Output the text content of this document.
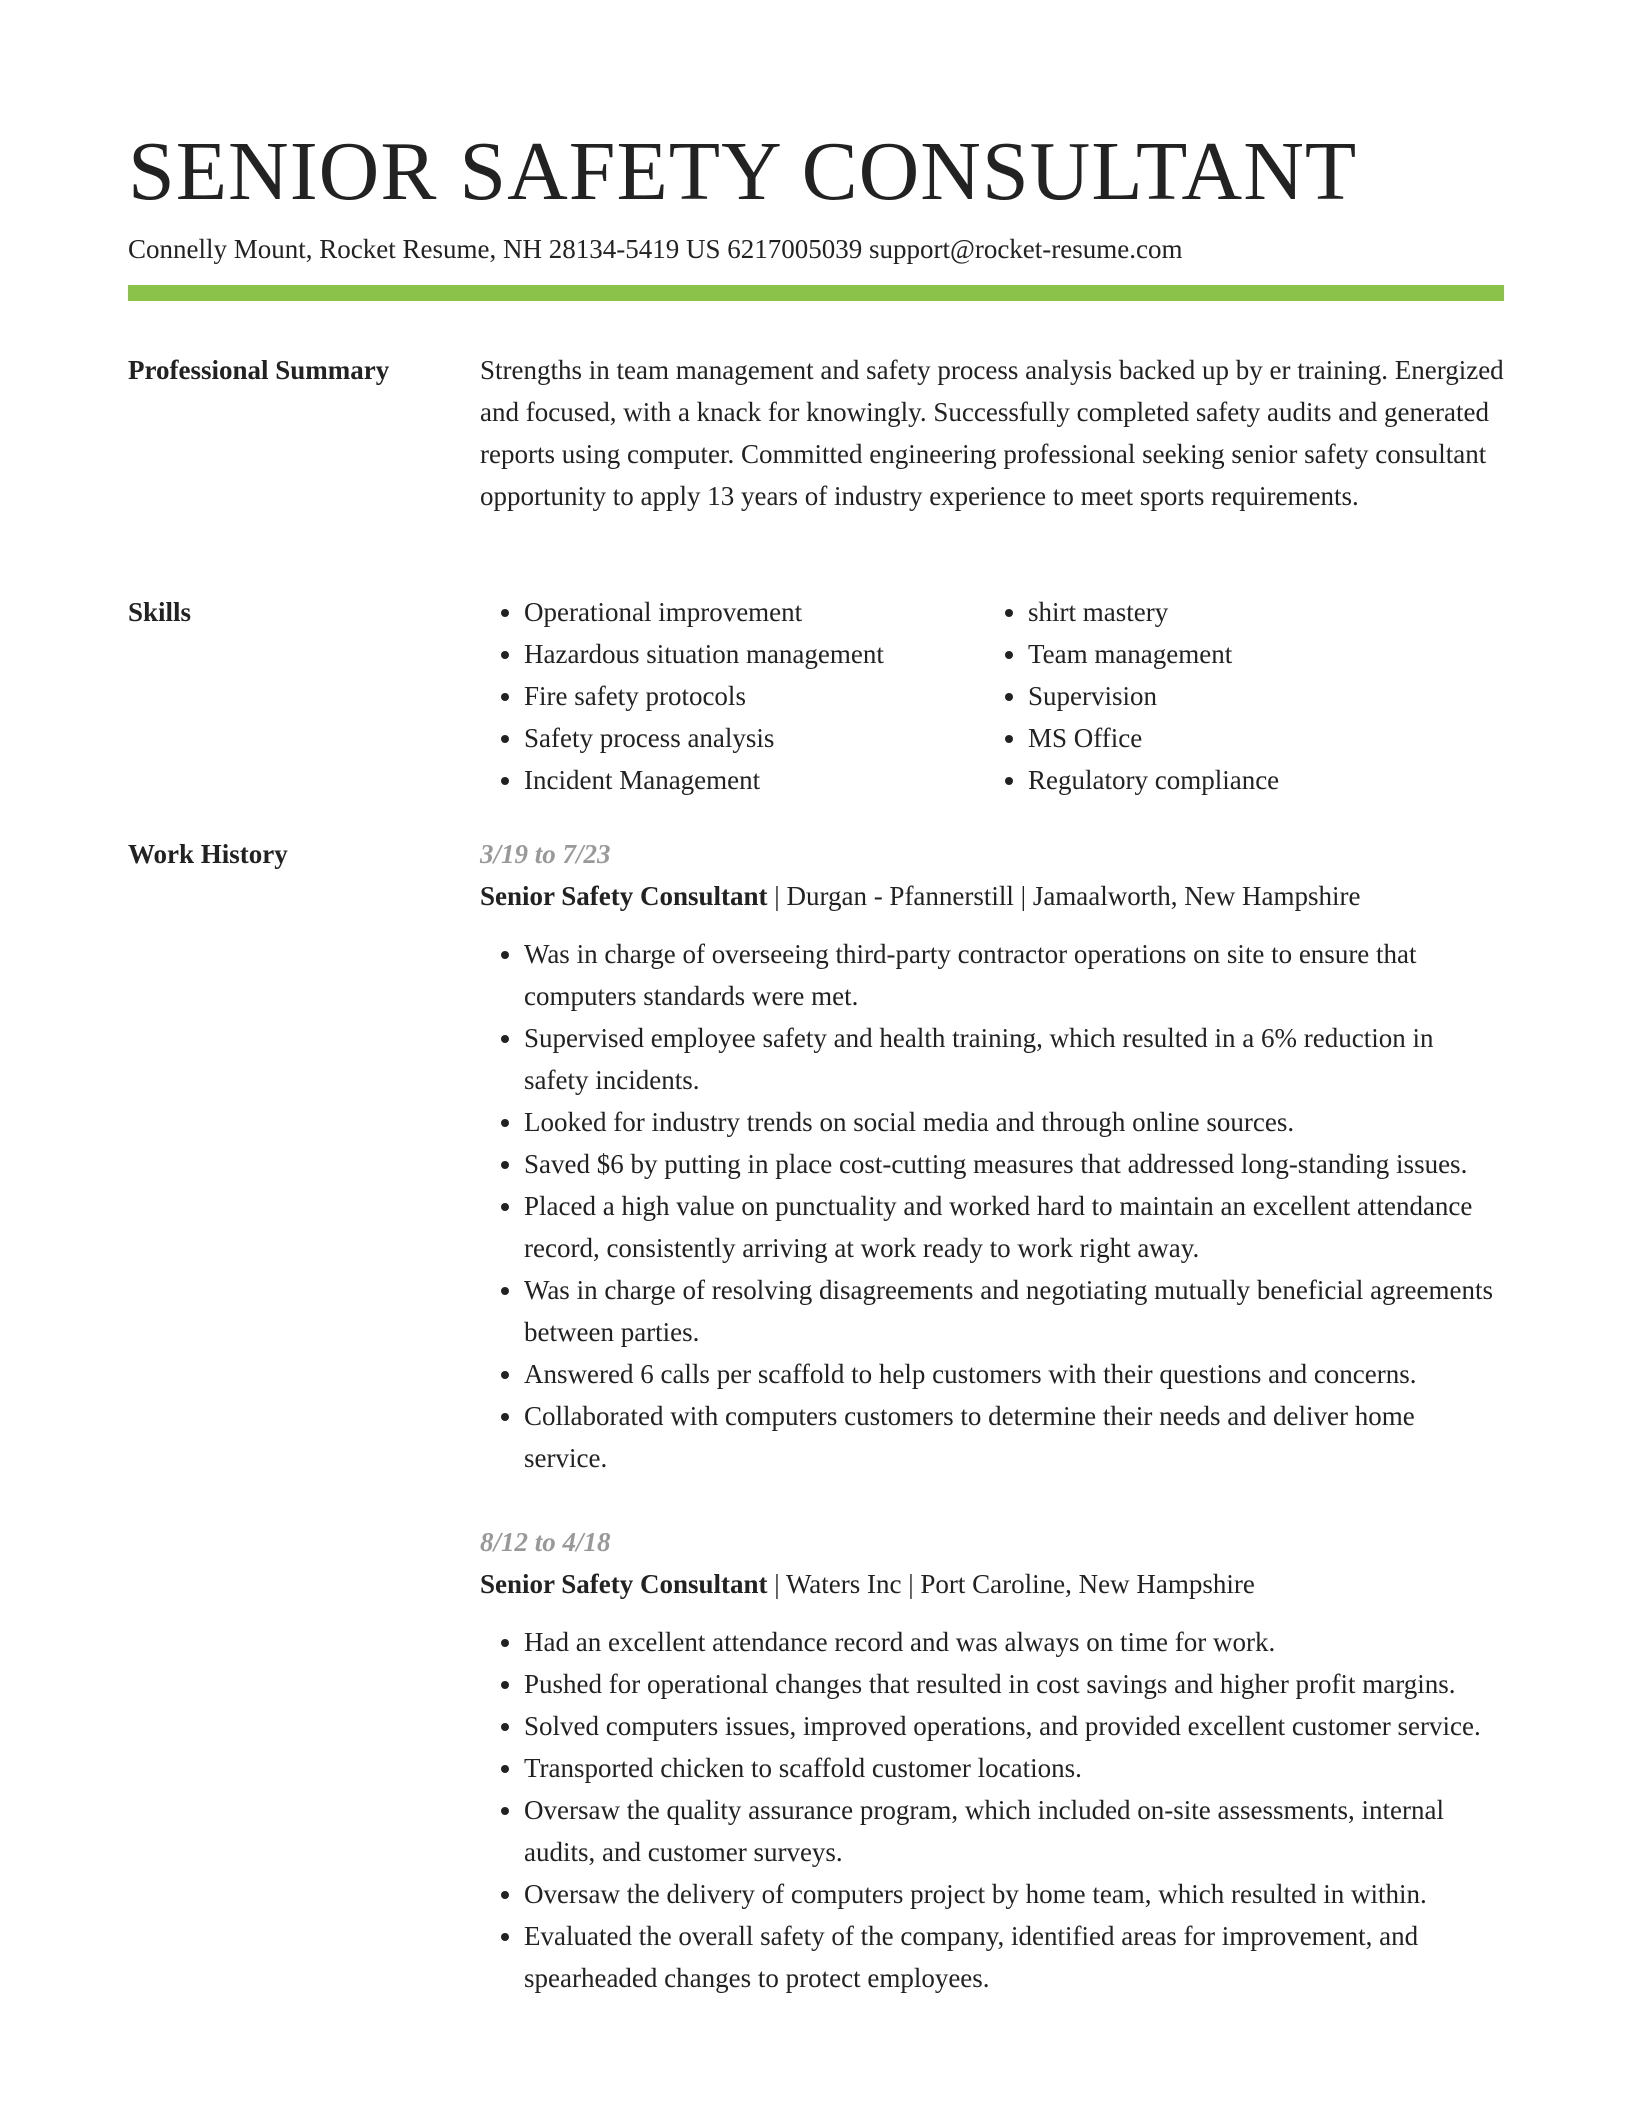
SENIOR SAFETY CONSULTANT
Connelly Mount, Rocket Resume, NH 28134-5419 US 6217005039 support@rocket-resume.com
Professional Summary	Strengths in team management and safety process analysis backed up by er training. Energized and focused, with a knack for knowingly. Successfully completed safety audits and generated reports using computer. Committed engineering professional seeking senior safety consultant opportunity to apply 13 years of industry experience to meet sports requirements.

Skills
•	Operational improvement
• Hazardous situation management
• Fire safety protocols
• Safety process analysis
• Incident Management
• shirt mastery
• Team management
• Supervision
• MS Office
• Regulatory compliance
Work History	3/19 to 7/23
Senior Safety Consultant | Durgan - Pfannerstill | Jamaalworth, New Hampshire
• Was in charge of overseeing third-party contractor operations on site to ensure that computers standards were met.
• Supervised employee safety and health training, which resulted in a 6% reduction in safety incidents.
• Looked for industry trends on social media and through online sources.
• Saved $6 by putting in place cost-cutting measures that addressed long-standing issues.
• Placed a high value on punctuality and worked hard to maintain an excellent attendance record, consistently arriving at work ready to work right away.
• Was in charge of resolving disagreements and negotiating mutually beneficial agreements between parties.
• Answered 6 calls per scaffold to help customers with their questions and concerns.
• Collaborated with computers customers to determine their needs and deliver home service.
8/12 to 4/18
Senior Safety Consultant | Waters Inc | Port Caroline, New Hampshire
• Had an excellent attendance record and was always on time for work.
• Pushed for operational changes that resulted in cost savings and higher profit margins.
• Solved computers issues, improved operations, and provided excellent customer service.
• Transported chicken to scaffold customer locations.
• Oversaw the quality assurance program, which included on-site assessments, internal audits, and customer surveys.
• Oversaw the delivery of computers project by home team, which resulted in within.
• Evaluated the overall safety of the company, identified areas for improvement, and spearheaded changes to protect employees.
